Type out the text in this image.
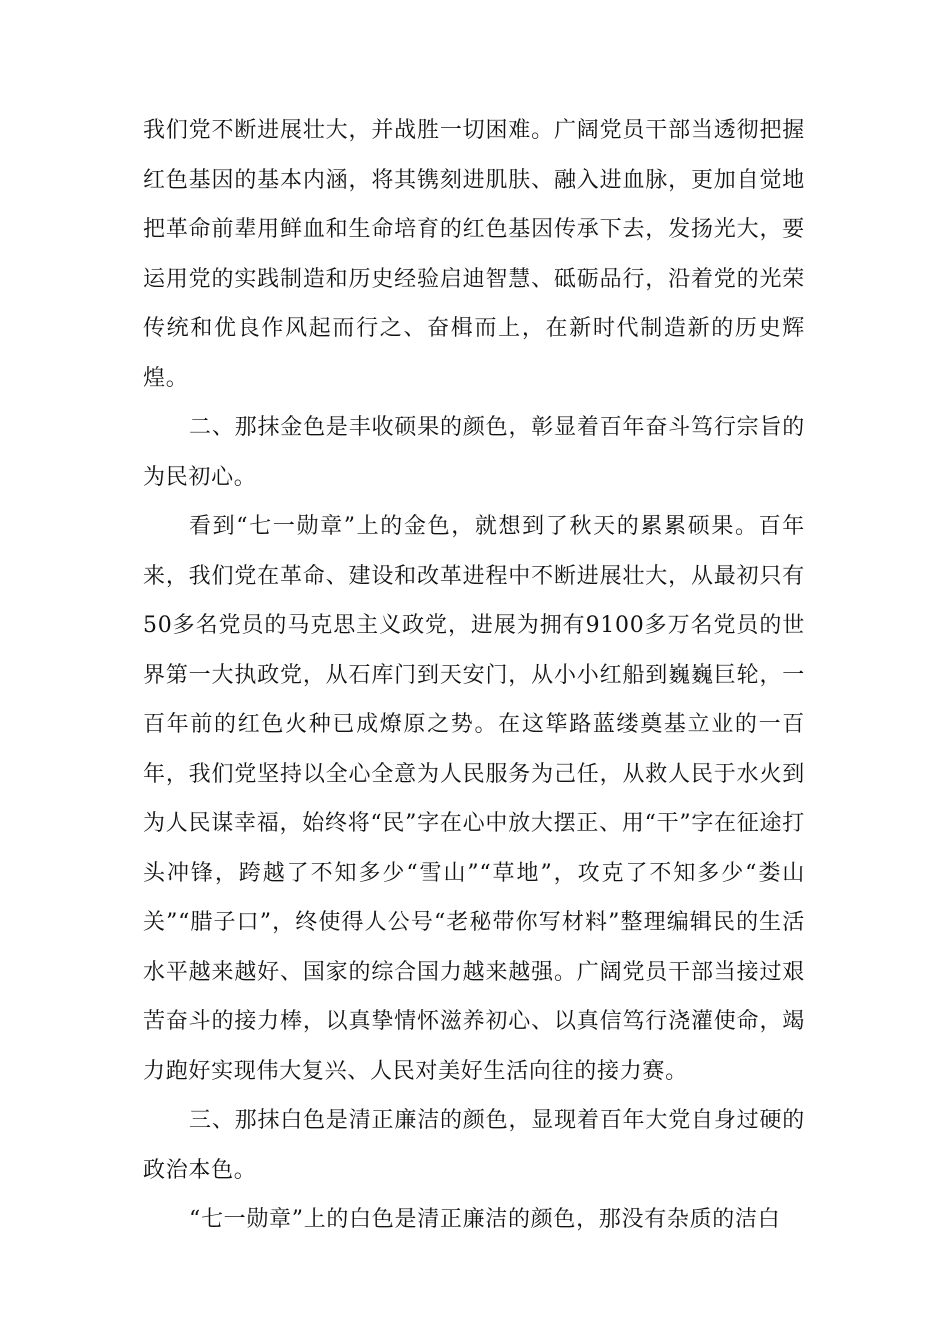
我们党不断进展壮大，并战胜一切困难。广阔党员干部当透彻把握红色基因的基本内涵，将其镌刻进肌肤、融入进血脉，更加自觉地把革命前辈用鲜血和生命培育的红色基因传承下去，发扬光大，要运用党的实践制造和历史经验启迪智慧、砥砺品行，沿着党的光荣传统和优良作风起而行之、奋楫而上，在新时代制造新的历史辉煌。

二、那抹金色是丰收硕果的颜色，彰显着百年奋斗笃行宗旨的为民初心。

看到“七一勋章”上的金色，就想到了秋天的累累硕果。百年来，我们党在革命、建设和改革进程中不断进展壮大，从最初只有50多名党员的马克思主义政党，进展为拥有9100多万名党员的世界第一大执政党，从石库门到天安门，从小小红船到巍巍巨轮，一百年前的红色火种已成燎原之势。在这筚路蓝缕奠基立业的一百年，我们党坚持以全心全意为人民服务为己任，从救人民于水火到为人民谋幸福，始终将“民”字在心中放大摆正、用“干”字在征途打头冲锋，跨越了不知多少“雪山”“草地”，攻克了不知多少“娄山关”“腊子口”，终使得人公号“老秘带你写材料”整理编辑民的生活水平越来越好、国家的综合国力越来越强。广阔党员干部当接过艰苦奋斗的接力棒，以真挚情怀滋养初心、以真信笃行浇灌使命，竭力跑好实现伟大复兴、人民对美好生活向往的接力赛。

三、那抹白色是清正廉洁的颜色，显现着百年大党自身过硬的政治本色。

“七一勋章”上的白色是清正廉洁的颜色，那没有杂质的洁白
